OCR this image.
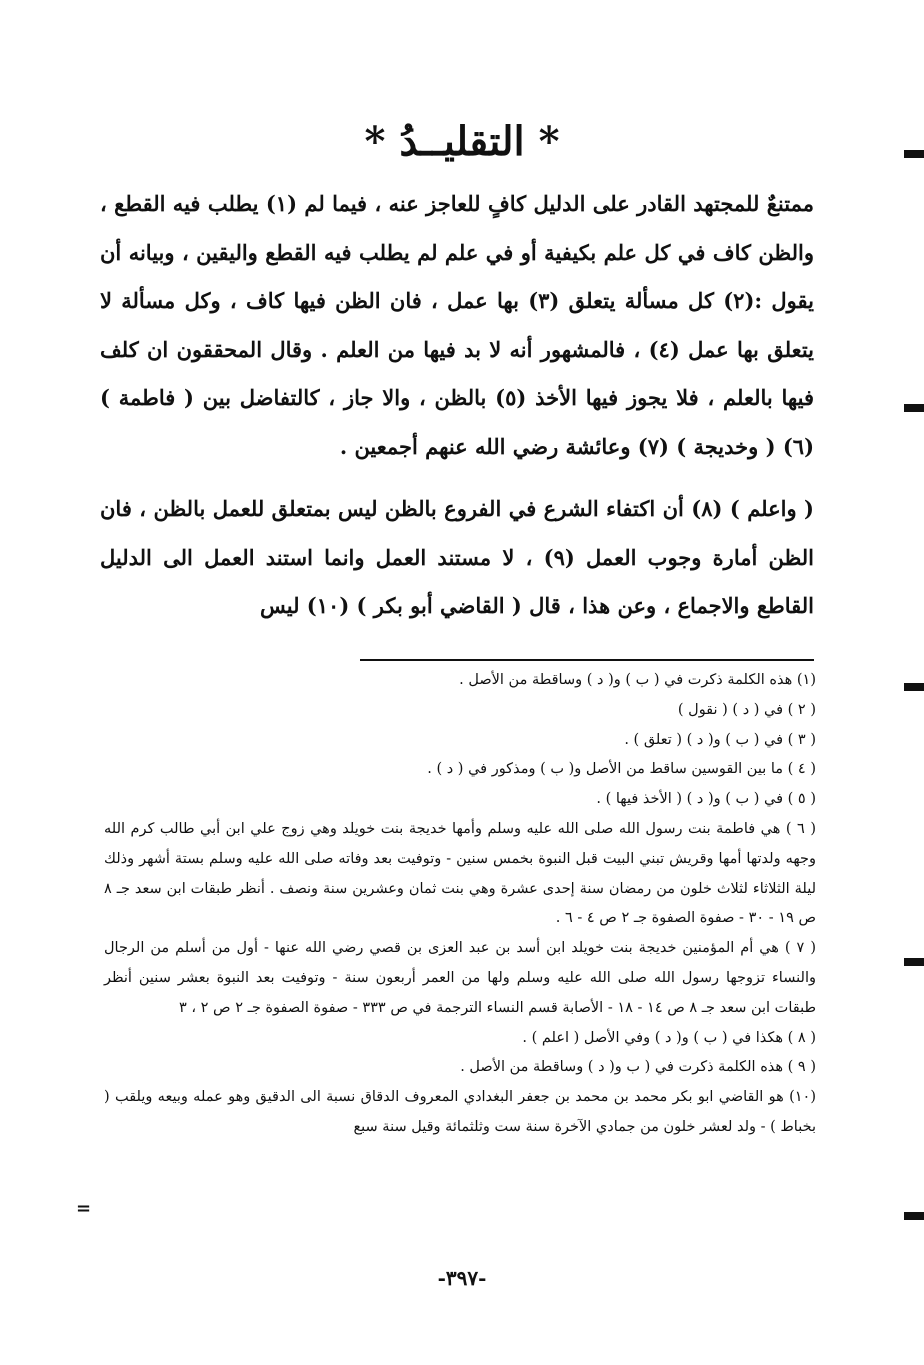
* التقليــدُ *

ممتنعٌ للمجتهد القادر على الدليل كافٍ للعاجز عنه ، فيما لم (١) يطلب فيه القطع ، والظن كاف في كل علم بكيفية أو في علم لم يطلب فيه القطع واليقين ، وبيانه أن يقول :(٢) كل مسألة يتعلق (٣) بها عمل ، فان الظن فيها كاف ، وكل مسألة لا يتعلق بها عمل (٤) ، فالمشهور أنه لا بد فيها من العلم . وقال المحققون ان كلف فيها بالعلم ، فلا يجوز فيها الأخذ (٥) بالظن ، والا جاز ، كالتفاضل بين ( فاطمة ) (٦) ( وخديجة ) (٧) وعائشة رضي الله عنهم أجمعين .

( واعلم ) (٨) أن اكتفاء الشرع في الفروع بالظن ليس بمتعلق للعمل بالظن ، فان الظن أمارة وجوب العمل (٩) ، لا مستند العمل وانما استند العمل الى الدليل القاطع والاجماع ، وعن هذا ، قال ( القاضي أبو بكر ) (١٠) ليس

(١) هذه الكلمة ذكرت في ( ب ) و( د ) وساقطة من الأصل .
( ٢ ) في ( د ) ( نقول )
( ٣ ) في ( ب ) و( د ) ( تعلق ) .
( ٤ ) ما بين القوسين ساقط من الأصل و( ب ) ومذكور في ( د ) .
( ٥ ) في ( ب ) و( د ) ( الأخذ فيها ) .
( ٦ ) هي فاطمة بنت رسول الله صلى الله عليه وسلم وأمها خديجة بنت خويلد وهي زوج علي ابن أبي طالب كرم الله وجهه ولدتها أمها وقريش تبني البيت قبل النبوة بخمس سنين - وتوفيت بعد وفاته صلى الله عليه وسلم بستة أشهر وذلك ليلة الثلاثاء لثلاث خلون من رمضان سنة إحدى عشرة وهي بنت ثمان وعشرين سنة ونصف . أنظر طبقات ابن سعد جـ ٨ ص ١٩ - ٣٠ - صفوة الصفوة جـ ٢ ص ٤ - ٦ .
( ٧ ) هي أم المؤمنين خديجة بنت خويلد ابن أسد بن عبد العزى بن قصي رضي الله عنها - أول من أسلم من الرجال والنساء تزوجها رسول الله صلى الله عليه وسلم ولها من العمر أربعون سنة - وتوفيت بعد النبوة بعشر سنين أنظر طبقات ابن سعد جـ ٨ ص ١٤ - ١٨ - الأصابة قسم النساء الترجمة في ص ٣٣٣ - صفوة الصفوة جـ ٢ ص ٢ ، ٣
( ٨ ) هكذا في ( ب ) و( د ) وفي الأصل ( اعلم ) .
( ٩ ) هذه الكلمة ذكرت في ( ب و( د ) وساقطة من الأصل .
(١٠) هو القاضي ابو بكر محمد بن محمد بن جعفر البغدادي المعروف الدقاق نسبة الى الدقيق وهو عمله وبيعه ويلقب ( بخباط ) - ولد لعشر خلون من جمادي الآخرة سنة ست وثلثمائة وقيل سنة سبع
=
-٣٩٧-
